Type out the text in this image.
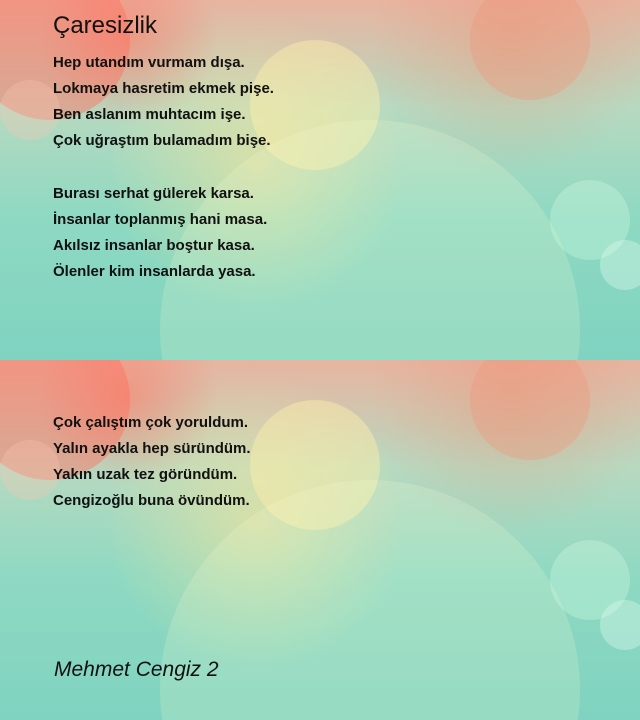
Çaresizlik
Hep utandım vurmam dışa.
Lokmaya hasretim ekmek pişe.
Ben aslanım muhtacım işe.
Çok uğraştım bulamadım bişe.
Burası serhat gülerek karsa.
İnsanlar toplanmış hani masa.
Akılsız insanlar boştur kasa.
Ölenler kim insanlarda yasa.
Çok çalıştım çok yoruldum.
Yalın ayakla hep süründüm.
Yakın uzak tez göründüm.
Cengizoğlu buna övündüm.

Mehmet Cengiz 2
